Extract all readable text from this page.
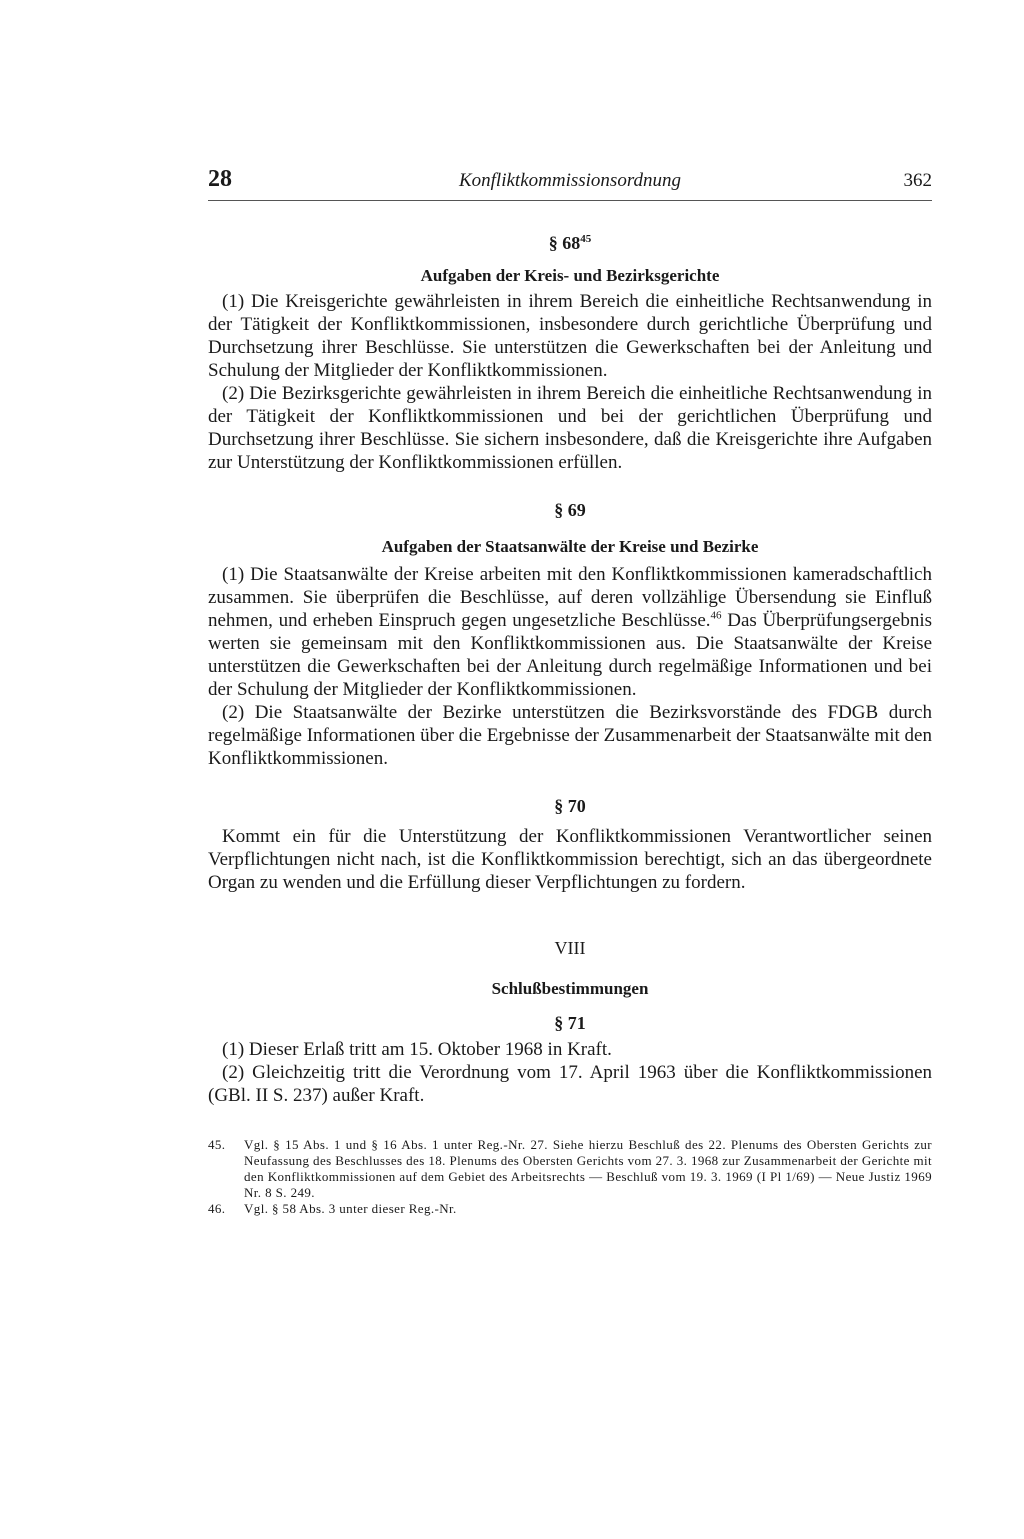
28	Konfliktkommissionsordnung	362

§ $68^{45}$

Aufgaben der Kreis- und Bezirksgerichte

(1) Die Kreisgerichte gewährleisten in ihrem Bereich die einheitliche Rechtsanwendung in der Tätigkeit der Konfliktkommissionen, insbesondere durch gerichtliche Überprüfung und Durchsetzung ihrer Beschlüsse. Sie unterstützen die Gewerkschaften bei der Anleitung und Schulung der Mitglieder der Konfliktkommissionen.

(2) Die Bezirksgerichte gewährleisten in ihrem Bereich die einheitliche Rechtsanwendung in der Tätigkeit der Konfliktkommissionen und bei der gerichtlichen Überprüfung und Durchsetzung ihrer Beschlüsse. Sie sichern insbesondere, daß die Kreisgerichte ihre Aufgaben zur Unterstützung der Konfliktkommissionen erfüllen.

§ 69

Aufgaben der Staatsanwälte der Kreise und Bezirke

(1) Die Staatsanwälte der Kreise arbeiten mit den Konfliktkommissionen kameradschaftlich zusammen. Sie überprüfen die Beschlüsse, auf deren vollzählige Übersendung sie Einfluß nehmen, und erheben Einspruch gegen ungesetzliche Beschlüsse.$^{46}$ Das Überprüfungsergebnis werten sie gemeinsam mit den Konfliktkommissionen aus. Die Staatsanwälte der Kreise unterstützen die Gewerkschaften bei der Anleitung durch regelmäßige Informationen und bei der Schulung der Mitglieder der Konfliktkommissionen.

(2) Die Staatsanwälte der Bezirke unterstützen die Bezirksvorstände des FDGB durch regelmäßige Informationen über die Ergebnisse der Zusammenarbeit der Staatsanwälte mit den Konfliktkommissionen.

§ 70

Kommt ein für die Unterstützung der Konfliktkommissionen Verantwortlicher seinen Verpflichtungen nicht nach, ist die Konfliktkommission berechtigt, sich an das übergeordnete Organ zu wenden und die Erfüllung dieser Verpflichtungen zu fordern.

VIII

Schlußbestimmungen

§ 71

(1) Dieser Erlaß tritt am 15. Oktober 1968 in Kraft.

(2) Gleichzeitig tritt die Verordnung vom 17. April 1963 über die Konfliktkommissionen (GBl. II S. 237) außer Kraft.

45.	Vgl. § 15 Abs. 1 und § 16 Abs. 1 unter Reg.-Nr. 27. Siehe hierzu Beschluß des 22. Plenums des Obersten Gerichts zur Neufassung des Beschlusses des 18. Plenums des Obersten Gerichts vom 27. 3. 1968 zur Zusammenarbeit der Gerichte mit den Konfliktkommissionen auf dem Gebiet des Arbeitsrechts — Beschluß vom 19. 3. 1969 (I Pl 1/69) — Neue Justiz 1969 Nr. 8 S. 249.
46.	Vgl. § 58 Abs. 3 unter dieser Reg.-Nr.
